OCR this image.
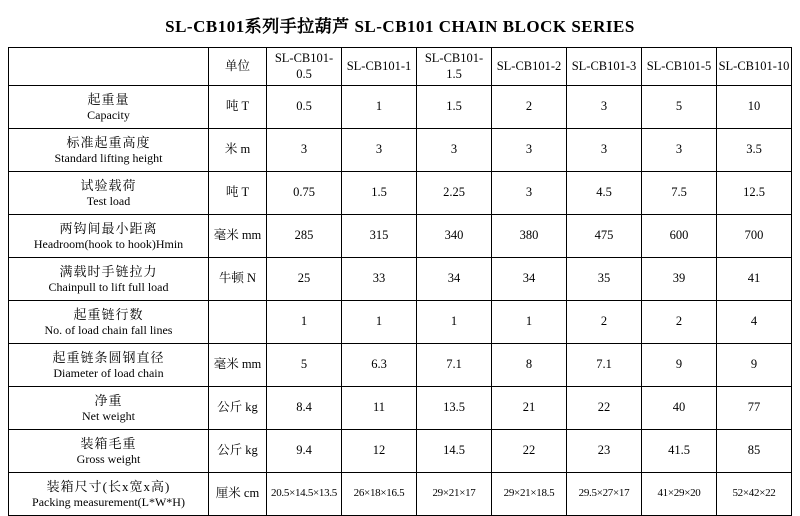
SL-CB101系列手拉葫芦 SL-CB101 CHAIN BLOCK SERIES
	单位	SL-CB101-0.5	SL-CB101-1	SL-CB101-1.5	SL-CB101-2	SL-CB101-3	SL-CB101-5	SL-CB101-10

起重量
Capacity	吨 T	0.5	1	1.5	2	3	5	10

标准起重高度
Standard lifting height	米 m	3	3	3	3	3	3	3.5

试验载荷
Test load	吨 T	0.75	1.5	2.25	3	4.5	7.5	12.5

两钩间最小距离
Headroom(hook to hook)Hmin	毫米 mm	285	315	340	380	475	600	700

满载时手链拉力
Chainpull to lift full load	牛顿 N	25	33	34	34	35	39	41

起重链行数
No. of load chain fall lines		1	1	1	1	2	2	4

起重链条圆钢直径
Diameter of load chain	毫米 mm	5	6.3	7.1	8	7.1	9	9

净重
Net weight	公斤 kg	8.4	11	13.5	21	22	40	77

装箱毛重
Gross weight	公斤 kg	9.4	12	14.5	22	23	41.5	85

装箱尺寸(长x宽x高)
Packing measurement(L*W*H)	厘米 cm	20.5×14.5×13.5	26×18×16.5	29×21×17	29×21×18.5	29.5×27×17	41×29×20	52×42×22
